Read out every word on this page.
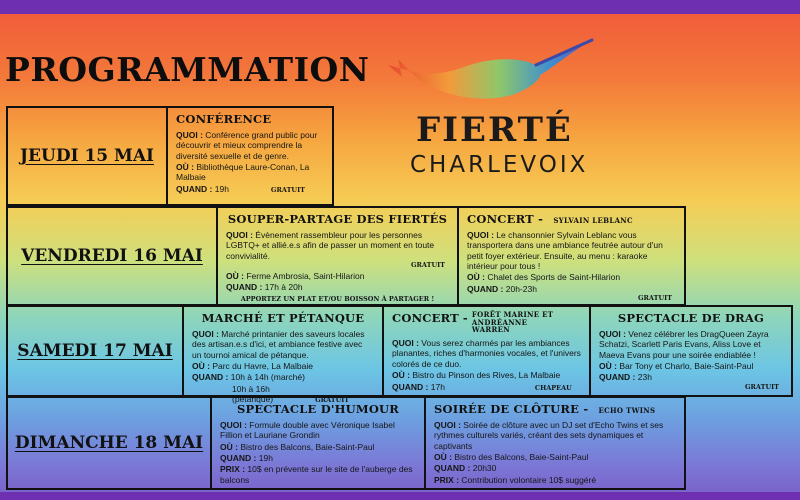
PROGRAMMATION
FIERTÉ
CHARLEVOIX
JEUDI 15 MAI
CONFÉRENCE

QUOI : Conférence grand public pour découvrir et mieux comprendre la diversité sexuelle et de genre.

OÙ : Bibliothèque Laure-Conan, La Malbaie

QUAND : 19h	GRATUIT

VENDREDI 16 MAI
SOUPER-PARTAGE DES FIERTÉS

QUOI : Évènement rassembleur pour les personnes LGBTQ+ et allié.e.s afin de passer un moment en toute convivialité.

GRATUIT

OÙ : Ferme Ambrosia, Saint-Hilarion

QUAND : 17h à 20h

APPORTEZ UN PLAT ET/OU BOISSON À PARTAGER !

CONCERT - SYLVAIN LEBLANC

QUOI : Le chansonnier Sylvain Leblanc vous transportera dans une ambiance feutrée autour d'un petit foyer extérieur. Ensuite, au menu : karaoke intérieur pour tous !

OÙ : Chalet des Sports de Saint-Hilarion

QUAND : 20h-23h

GRATUIT

SAMEDI 17 MAI
MARCHÉ ET PÉTANQUE

QUOI : Marché printanier des saveurs locales des artisan.e.s d'ici, et ambiance festive avec un tournoi amical de pétanque.

OÙ : Parc du Havre, La Malbaie

QUAND : 10h à 14h (marché)

10h à 16h (pétanque)	GRATUIT

CONCERT - FORÊT MARINE ET ANDRÉANNE WARREN

QUOI : Vous serez charmés par les ambiances planantes, riches d'harmonies vocales, et l'univers colorés de ce duo.

OÙ : Bistro du Pinson des Rives, La Malbaie

QUAND : 17h	CHAPEAU

SPECTACLE DE DRAG

QUOI : Venez célébrer les DragQueen Zayra Schatzi, Scarlett Paris Evans, Aliss Love et Maeva Evans pour une soirée endiablée !

OÙ : Bar Tony et Charlo, Baie-Saint-Paul

QUAND : 23h

GRATUIT

DIMANCHE 18 MAI
SPECTACLE D'HUMOUR

QUOI : Formule double avec Véronique Isabel Fillion et Lauriane Grondin

OÙ : Bistro des Balcons, Baie-Saint-Paul

QUAND : 19h

PRIX : 10$ en prévente sur le site de l'auberge des balcons

SOIRÉE DE CLÔTURE - ECHO TWINS

QUOI : Soirée de clôture avec un DJ set d'Echo Twins et ses rythmes culturels variés, créant des sets dynamiques et captivants

OÙ : Bistro des Balcons, Baie-Saint-Paul

QUAND : 20h30

PRIX : Contribution volontaire 10$ suggéré
